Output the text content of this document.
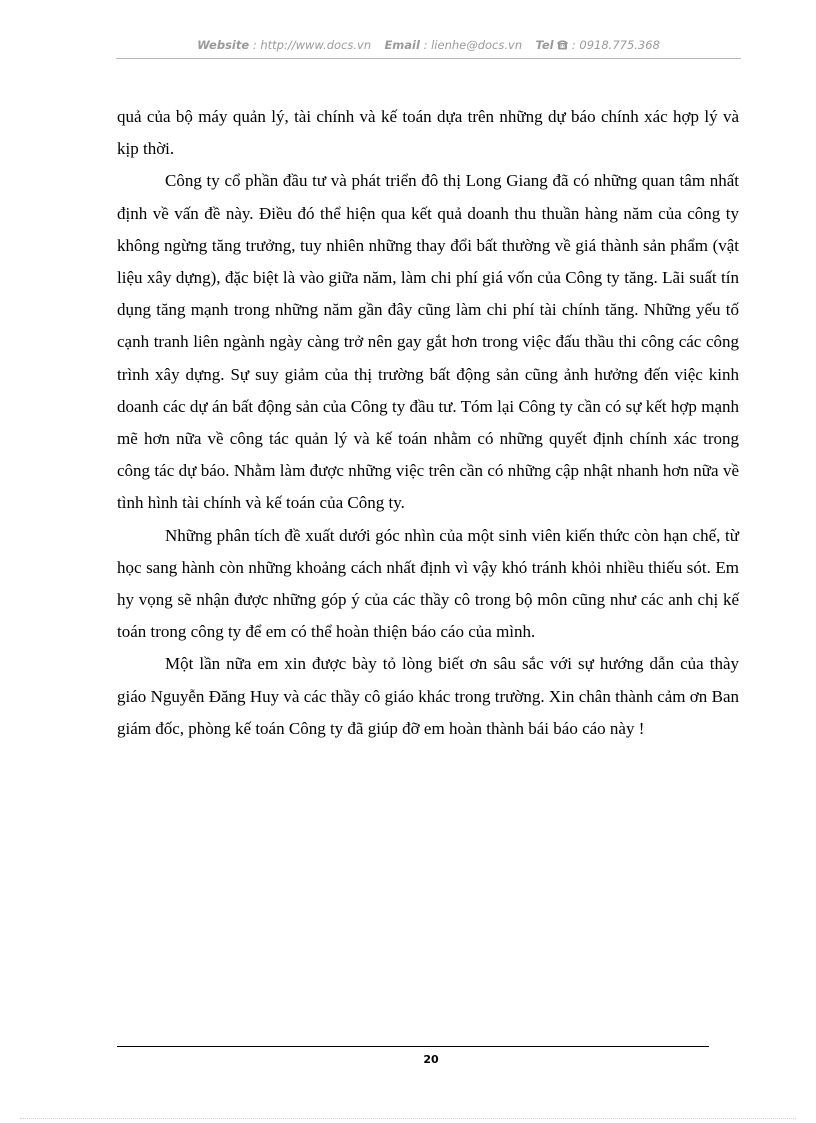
Website : http://www.docs.vn Email : lienhe@docs.vn Tel : 0918.775.368

quả của bộ máy quản lý, tài chính và kế toán dựa trên những dự báo chính xác hợp lý và kịp thời.

Công ty cổ phần đầu tư và phát triển đô thị Long Giang đã có những quan tâm nhất định về vấn đề này. Điều đó thể hiện qua kết quả doanh thu thuần hàng năm của công ty không ngừng tăng trưởng, tuy nhiên những thay đổi bất thường về giá thành sản phẩm (vật liệu xây dựng), đặc biệt là vào giữa năm, làm chi phí giá vốn của Công ty tăng. Lãi suất tín dụng tăng mạnh trong những năm gần đây cũng làm chi phí tài chính tăng. Những yếu tố cạnh tranh liên ngành ngày càng trở nên gay gắt hơn trong việc đấu thầu thi công các công trình xây dựng. Sự suy giảm của thị trường bất động sản cũng ảnh hưởng đến việc kinh doanh các dự án bất động sản của Công ty đầu tư. Tóm lại Công ty cần có sự kết hợp mạnh mẽ hơn nữa về công tác quản lý và kế toán nhằm có những quyết định chính xác trong công tác dự báo. Nhằm làm được những việc trên cần có những cập nhật nhanh hơn nữa về tình hình tài chính và kế toán của Công ty.

Những phân tích đề xuất dưới góc nhìn của một sinh viên kiến thức còn hạn chế, từ học sang hành còn những khoảng cách nhất định vì vậy khó tránh khỏi nhiều thiếu sót. Em hy vọng sẽ nhận được những góp ý của các thầy cô trong bộ môn cũng như các anh chị kế toán trong công ty để em có thể hoàn thiện báo cáo của mình.

Một lần nữa em xin được bày tỏ lòng biết ơn sâu sắc với sự hướng dẫn của thày giáo Nguyễn Đăng Huy và các thầy cô giáo khác trong trường. Xin chân thành cảm ơn Ban giám đốc, phòng kế toán Công ty đã giúp đỡ em hoàn thành bái báo cáo này !

20
